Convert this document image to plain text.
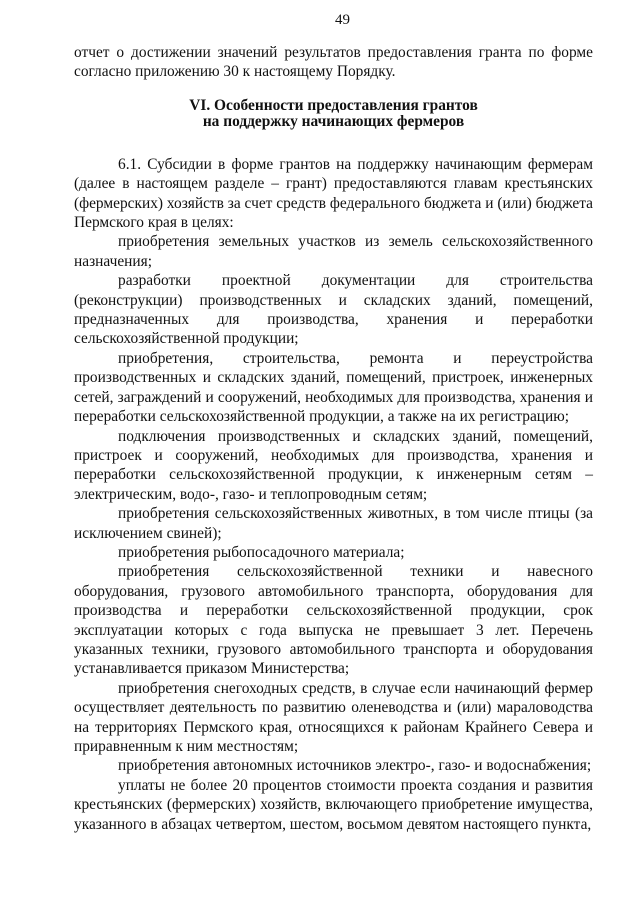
49

отчет о достижении значений результатов предоставления гранта по форме согласно приложению 30 к настоящему Порядку.

VI. Особенности предоставления грантов
на поддержку начинающих фермеров

6.1. Субсидии в форме грантов на поддержку начинающим фермерам (далее в настоящем разделе – грант) предоставляются главам крестьянских (фермерских) хозяйств за счет средств федерального бюджета и (или) бюджета Пермского края в целях:

приобретения земельных участков из земель сельскохозяйственного назначения;

разработки проектной документации для строительства (реконструкции) производственных и складских зданий, помещений, предназначенных для производства, хранения и переработки сельскохозяйственной продукции;

приобретения, строительства, ремонта и переустройства производственных и складских зданий, помещений, пристроек, инженерных сетей, заграждений и сооружений, необходимых для производства, хранения и переработки сельскохозяйственной продукции, а также на их регистрацию;

подключения производственных и складских зданий, помещений, пристроек и сооружений, необходимых для производства, хранения и переработки сельскохозяйственной продукции, к инженерным сетям – электрическим, водо-, газо- и теплопроводным сетям;

приобретения сельскохозяйственных животных, в том числе птицы (за исключением свиней);

приобретения рыбопосадочного материала;

приобретения сельскохозяйственной техники и навесного оборудования, грузового автомобильного транспорта, оборудования для производства и переработки сельскохозяйственной продукции, срок эксплуатации которых с года выпуска не превышает 3 лет. Перечень указанных техники, грузового автомобильного транспорта и оборудования устанавливается приказом Министерства;

приобретения снегоходных средств, в случае если начинающий фермер осуществляет деятельность по развитию оленеводства и (или) мараловодства на территориях Пермского края, относящихся к районам Крайнего Севера и приравненным к ним местностям;

приобретения автономных источников электро-, газо- и водоснабжения;

уплаты не более 20 процентов стоимости проекта создания и развития крестьянских (фермерских) хозяйств, включающего приобретение имущества, указанного в абзацах четвертом, шестом, восьмом девятом настоящего пункта,
